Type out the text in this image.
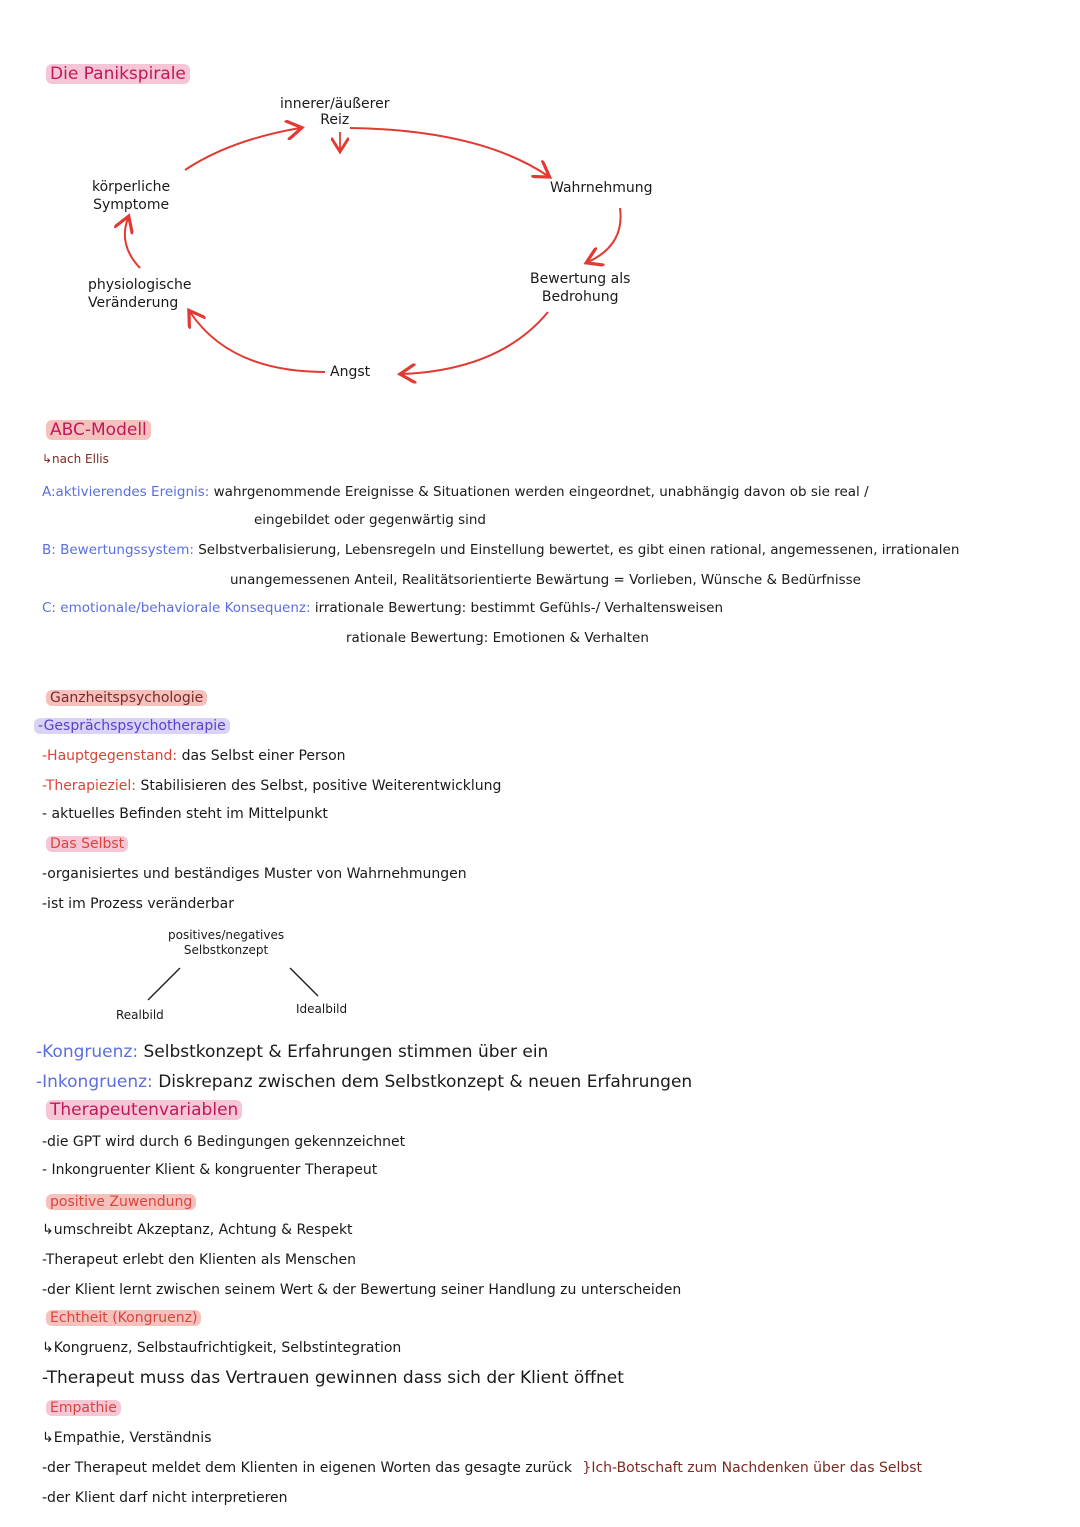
Die Panikspirale
innerer/äußerer
Reiz
Wahrnehmung
Bewertung als
Bedrohung
Angst
physiologische
Veränderung
körperliche
Symptome
ABC-Modell
↳nach Ellis
A:aktivierendes Ereignis: wahrgenommende Ereignisse & Situationen werden eingeordnet, unabhängig davon ob sie real /
eingebildet oder gegenwärtig sind
B: Bewertungssystem: Selbstverbalisierung, Lebensregeln und Einstellung bewertet, es gibt einen rational, angemessenen, irrationalen
unangemessenen Anteil, Realitätsorientierte Bewärtung = Vorlieben, Wünsche & Bedürfnisse
C: emotionale/behaviorale Konsequenz: irrationale Bewertung: bestimmt Gefühls-/ Verhaltensweisen
rationale Bewertung: Emotionen & Verhalten
Ganzheitspsychologie
-Gesprächspsychotherapie
-Hauptgegenstand: das Selbst einer Person
-Therapieziel: Stabilisieren des Selbst, positive Weiterentwicklung
- aktuelles Befinden steht im Mittelpunkt
Das Selbst
-organisiertes und beständiges Muster von Wahrnehmungen
-ist im Prozess veränderbar
positives/negatives
Selbstkonzept
Realbild	Idealbild
-Kongruenz: Selbstkonzept & Erfahrungen stimmen über ein
-Inkongruenz: Diskrepanz zwischen dem Selbstkonzept & neuen Erfahrungen
Therapeutenvariablen
-die GPT wird durch 6 Bedingungen gekennzeichnet
- Inkongruenter Klient & kongruenter Therapeut
positive Zuwendung
↳umschreibt Akzeptanz, Achtung & Respekt
-Therapeut erlebt den Klienten als Menschen
-der Klient lernt zwischen seinem Wert & der Bewertung seiner Handlung zu unterscheiden
Echtheit (Kongruenz)
↳Kongruenz, Selbstaufrichtigkeit, Selbstintegration
-Therapeut muss das Vertrauen gewinnen dass sich der Klient öffnet
Empathie
↳Empathie, Verständnis
-der Therapeut meldet dem Klienten in eigenen Worten das gesagte zurück }Ich-Botschaft zum Nachdenken über das Selbst
-der Klient darf nicht interpretieren
